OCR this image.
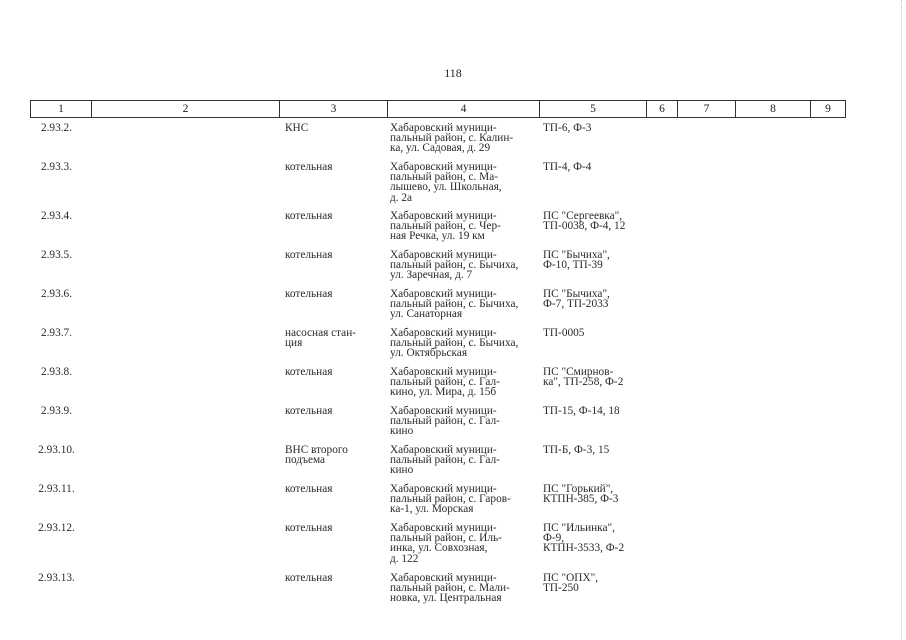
118
1	2	3	4	5	6	7	8	9
2.93.2.		КНС	Хабаровский муници-
пальный район, с. Калин-
ка, ул. Садовая, д. 29	ТП-6, Ф-3				

2.93.3.		котельная	Хабаровский муници-
пальный район, с. Ма-
лышево, ул. Школьная,
д. 2а	ТП-4, Ф-4				

2.93.4.		котельная	Хабаровский муници-
пальный район, с. Чер-
ная Речка, ул. 19 км	ПС "Сергеевка",
ТП-0038, Ф-4, 12				

2.93.5.		котельная	Хабаровский муници-
пальный район, с. Бычиха,
ул. Заречная, д. 7	ПС "Бычиха",
Ф-10, ТП-39				

2.93.6.		котельная	Хабаровский муници-
пальный район, с. Бычиха,
ул. Санаторная	ПС "Бычиха",
Ф-7, ТП-2033				

2.93.7.		насосная стан-
ция	Хабаровский муници-
пальный район, с. Бычиха,
ул. Октябрьская	ТП-0005				

2.93.8.		котельная	Хабаровский муници-
пальный район, с. Гал-
кино, ул. Мира, д. 15б	ПС "Смирнов-
ка", ТП-258, Ф-2				

2.93.9.		котельная	Хабаровский муници-
пальный район, с. Гал-
кино	ТП-15, Ф-14, 18				

2.93.10.		ВНС второго
подъема	Хабаровский муници-
пальный район, с. Гал-
кино	ТП-Б, Ф-3, 15				

2.93.11.		котельная	Хабаровский муници-
пальный район, с. Гаров-
ка-1, ул. Морская	ПС "Горький",
КТПН-385, Ф-3				

2.93.12.		котельная	Хабаровский муници-
пальный район, с. Иль-
инка, ул. Совхозная,
д. 122	ПС "Ильинка",
Ф-9,
КТПН-3533, Ф-2				

2.93.13.		котельная	Хабаровский муници-
пальный район, с. Мали-
новка, ул. Центральная	ПС "ОПХ",
ТП-250				
